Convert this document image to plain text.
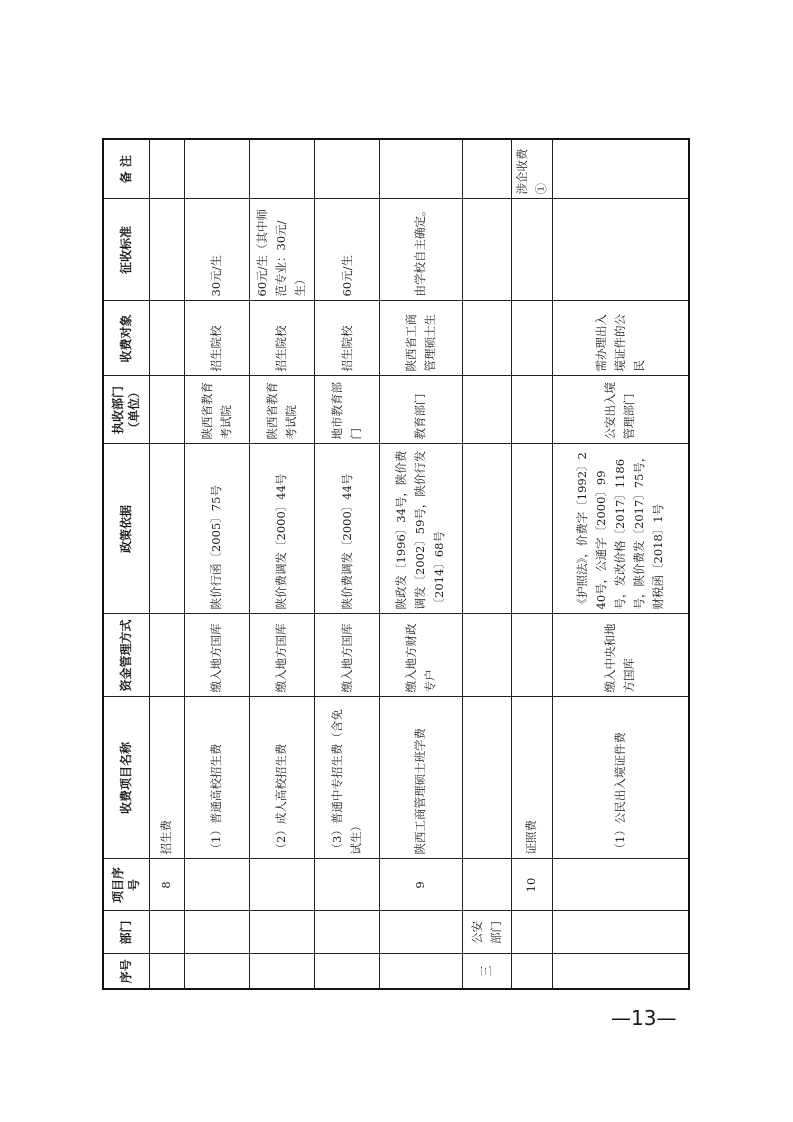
序号	部门	项目序号	收费项目名称	资金管理方式	政策依据	执收部门（单位）	收费对象	征收标准	备 注
		8	招生费						
			（1）普通高校招生费	缴入地方国库	陕价行函〔2005〕75号	陕西省教育考试院	招生院校	30元/生	
			（2）成人高校招生费	缴入地方国库	陕价费调发〔2000〕44号	陕西省教育考试院	招生院校	60元/生（其中师范专业：30元/生）	
			（3）普通中专招生费（含免试生）	缴入地方国库	陕价费调发〔2000〕44号	地市教育部门	招生院校	60元/生	
		9	陕西工商管理硕士班学费	缴入地方财政专户	陕政发〔1996〕34号，陕价费调发〔2002〕59号，陕价行发〔2014〕68号	教育部门	陕西省工商管理硕士生	由学校自主确定。	
三	公安部门								
		10	证照费						涉企收费①
			（1）公民出入境证件费	缴入中央和地方国库	《护照法》，价费字〔1992〕240号，公通字〔2000〕99号，发改价格〔2017〕1186号，陕价费发〔2017〕75号，财税函〔2018〕1号	公安出入境管理部门	需办理出入境证件的公民		
—13—
